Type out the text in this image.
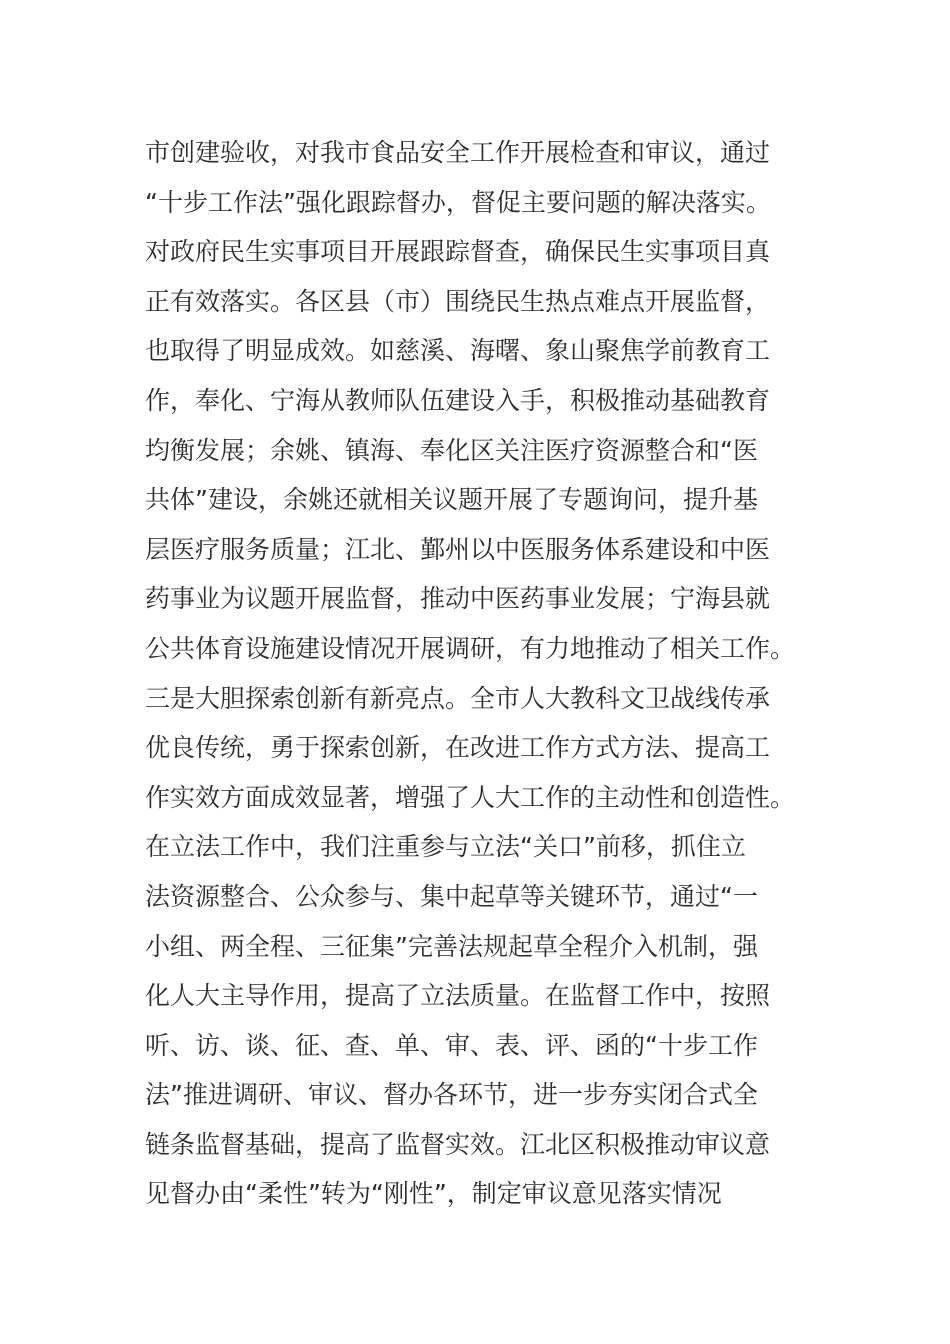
市创建验收，对我市食品安全工作开展检查和审议，通过
“十步工作法”强化跟踪督办，督促主要问题的解决落实。
对政府民生实事项目开展跟踪督查，确保民生实事项目真
正有效落实。各区县（市）围绕民生热点难点开展监督，
也取得了明显成效。如慈溪、海曙、象山聚焦学前教育工
作，奉化、宁海从教师队伍建设入手，积极推动基础教育
均衡发展；余姚、镇海、奉化区关注医疗资源整合和“医
共体”建设，余姚还就相关议题开展了专题询问，提升基
层医疗服务质量；江北、鄞州以中医服务体系建设和中医
药事业为议题开展监督，推动中医药事业发展；宁海县就
公共体育设施建设情况开展调研，有力地推动了相关工作。
三是大胆探索创新有新亮点。全市人大教科文卫战线传承
优良传统，勇于探索创新，在改进工作方式方法、提高工
作实效方面成效显著，增强了人大工作的主动性和创造性。
在立法工作中，我们注重参与立法“关口”前移，抓住立
法资源整合、公众参与、集中起草等关键环节，通过“一
小组、两全程、三征集”完善法规起草全程介入机制，强
化人大主导作用，提高了立法质量。在监督工作中，按照
听、访、谈、征、查、单、审、表、评、函的“十步工作
法”推进调研、审议、督办各环节，进一步夯实闭合式全
链条监督基础，提高了监督实效。江北区积极推动审议意
见督办由“柔性”转为“刚性”，制定审议意见落实情况
